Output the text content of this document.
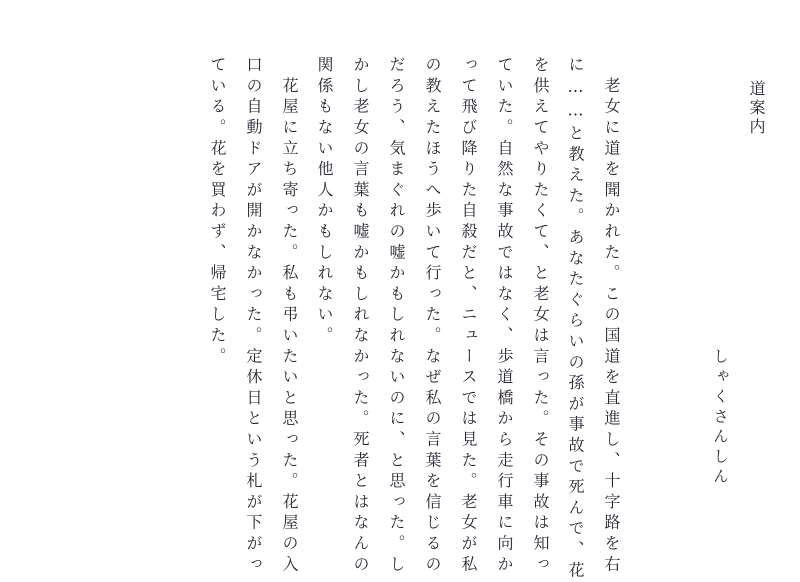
道案内
しゃくさんしん
　老女に道を聞かれた。この国道を直進し、十字路を右
に……と教えた。あなたぐらいの孫が事故で死んで、花
を供えてやりたくて、と老女は言った。その事故は知っ
ていた。自然な事故ではなく、歩道橋から走行車に向か
って飛び降りた自殺だと、ニュースでは見た。老女が私
の教えたほうへ歩いて行った。なぜ私の言葉を信じるの
だろう、気まぐれの嘘かもしれないのに、と思った。し
かし老女の言葉も嘘かもしれなかった。死者とはなんの
関係もない他人かもしれない。
　花屋に立ち寄った。私も弔いたいと思った。花屋の入
口の自動ドアが開かなかった。定休日という札が下がっ
ている。花を買わず、帰宅した。
